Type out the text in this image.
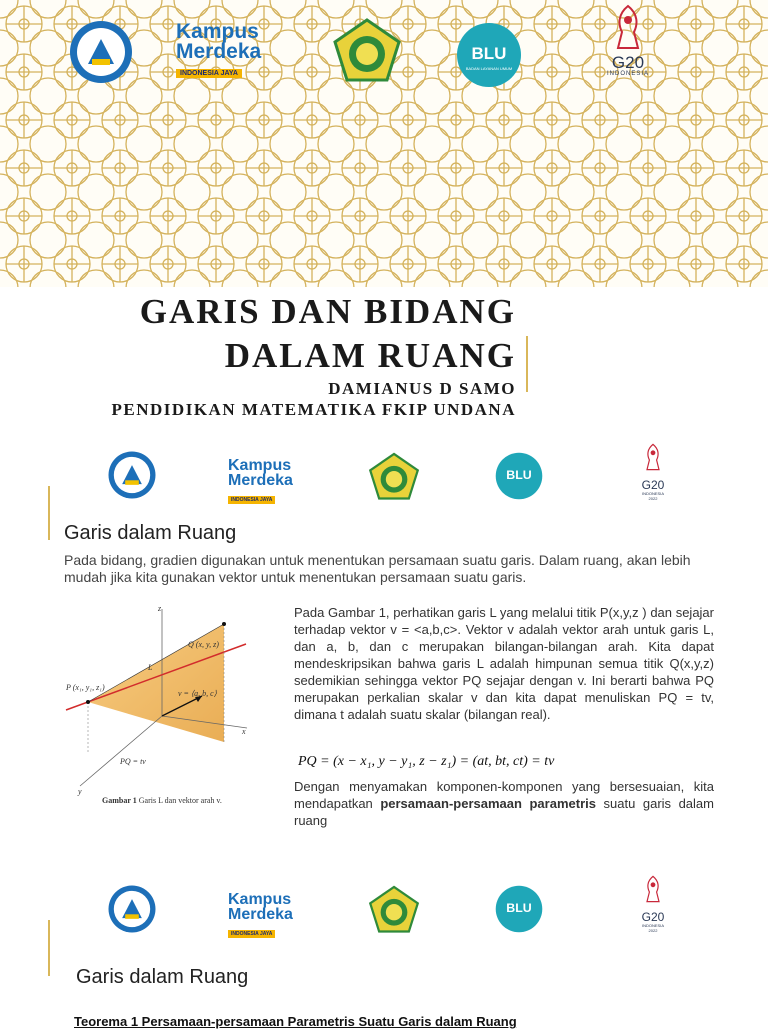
Kampus
Merdeka
INDONESIA JAYA
BLU
BADAN LAYANAN UMUM	G20
INDONESIA
GARIS DAN BIDANG
DALAM RUANG
DAMIANUS D SAMO
PENDIDIKAN MATEMATIKA FKIP UNDANA
Kampus
Merdeka
INDONESIA JAYA
BLU
G20
INDONESIA
2022
Garis dalam Ruang
Pada bidang, gradien digunakan untuk menentukan persamaan suatu garis. Dalam ruang, akan lebih mudah jika kita gunakan vektor untuk menentukan persamaan suatu garis.
z
x
y
L
Q (x, y, z)
P (x₁, y₁, z₁)
v = ⟨a, b, c⟩
PQ = tv
Gambar 1 Garis L dan vektor arah v.
Pada Gambar 1, perhatikan garis L yang melalui titik P(x,y,z ) dan sejajar terhadap vektor v = <a,b,c>. Vektor v adalah vektor arah untuk garis L, dan a, b, dan c merupakan bilangan-bilangan arah. Kita dapat mendeskripsikan bahwa garis L adalah himpunan semua titik Q(x,y,z) sedemikian sehingga vektor PQ sejajar dengan v. Ini berarti bahwa PQ merupakan perkalian skalar v dan kita dapat menuliskan PQ = tv, dimana t adalah suatu skalar (bilangan real).
PQ = (x − x₁, y − y₁, z − z₁) = (at, bt, ct) = tv
Dengan menyamakan komponen-komponen yang bersesuaian, kita mendapatkan persamaan-persamaan parametris suatu garis dalam ruang
Kampus
Merdeka
INDONESIA JAYA
BLU
G20
INDONESIA
2022
Garis dalam Ruang
Teorema 1 Persamaan-persamaan Parametris Suatu Garis dalam Ruang
